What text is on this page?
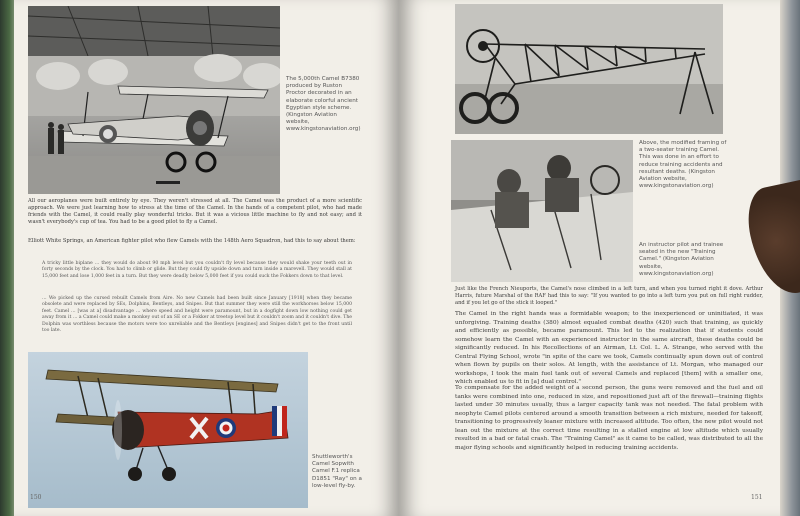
The 5,000th Camel B7380 produced by Ruston Proctor decorated in an elaborate colorful ancient Egyptian style scheme. (Kingston Aviation website, www.kingstonaviation.org)
All our aeroplanes were built entirely by eye. They weren't stressed at all. The Camel was the product of a more scientific approach. We were just learning how to stress at the time of the Camel. In the hands of a competent pilot, who had made friends with the Camel, it could really play wonderful tricks. But it was a vicious little machine to fly and not easy; and it wasn't everybody's cup of tea. You had to be a good pilot to fly a Camel.
Elliott White Springs, an American fighter pilot who flew Camels with the 148th Aero Squadron, had this to say about them:
A tricky little biplane … they would do about 90 mph level but you couldn't fly level because they would shake your teeth out in forty seconds by the clock. You had to climb or glide. But they could fly upside down and turn inside a marevell. They would stall at 15,000 feet and lose 1,000 feet in a turn. But they were deadly below 5,000 feet if you could suck the Fokkers down to that level.
… We picked up the cursed rebuilt Camels from Aire. No new Camels had been built since January [1918] when they became obsolete and were replaced by SEs, Dolphins, Bentleys, and Snipes. But that summer they were still the workhorses below 15,000 feet. Camel … [was at a] disadvantage … where speed and height were paramount, but in a dogfight down low nothing could get away from it … a Camel could make a monkey out of an SE or a Fokker at treetop level but it couldn't zoom and it couldn't dive. The Dolphin was worthless because the motors were too unreliable and the Bentleys [engines] and Snipes didn't get to the front until too late.
Shuttleworth's Camel Sopwith Camel F.1 replica D1851 "Ray" on a low-level fly-by.
150
Above, the modified framing of a two-seater training Camel. This was done in an effort to reduce training accidents and resultant deaths. (Kingston Aviation website, www.kingstonaviation.org)
An instructor pilot and trainee seated in the new "Training Camel." (Kingston Aviation website, www.kingstonaviation.org)
Just like the French Nieuports, the Camel's nose climbed in a left turn, and when you turned right it dove. Arthur Harris, future Marshal of the RAF had this to say: "If you wanted to go into a left turn you put on full right rudder, and if you let go of the stick it looped."
The Camel in the right hands was a formidable weapon; to the inexperienced or uninitiated, it was unforgiving. Training deaths (380) almost equaled combat deaths (420) such that training, as quickly and efficiently as possible, became paramount. This led to the realization that if students could somehow learn the Camel with an experienced instructor in the same aircraft, these deaths could be significantly reduced. In his Recollections of an Airman, Lt. Col. L. A. Strange, who served with the Central Flying School, wrote "in spite of the care we took, Camels continually spun down out of control when flown by pupils on their solos. At length, with the assistance of Lt. Morgan, who managed our workshops, I took the main fuel tank out of several Camels and replaced [them] with a smaller one, which enabled us to fit in [a] dual control."
To compensate for the added weight of a second person, the guns were removed and the fuel and oil tanks were combined into one, reduced in size, and repositioned just aft of the firewall—training flights lasted under 30 minutes usually, thus a larger capacity tank was not needed. The fatal problem with neophyte Camel pilots centered around a smooth transition between a rich mixture, needed for takeoff, transitioning to progressively leaner mixture with increased altitude. Too often, the new pilot would not lean out the mixture at the correct time resulting in a stalled engine at low altitude which usually resulted in a bad or fatal crash. The "Training Camel" as it came to be called, was distributed to all the major flying schools and significantly helped in reducing training accidents.
151
